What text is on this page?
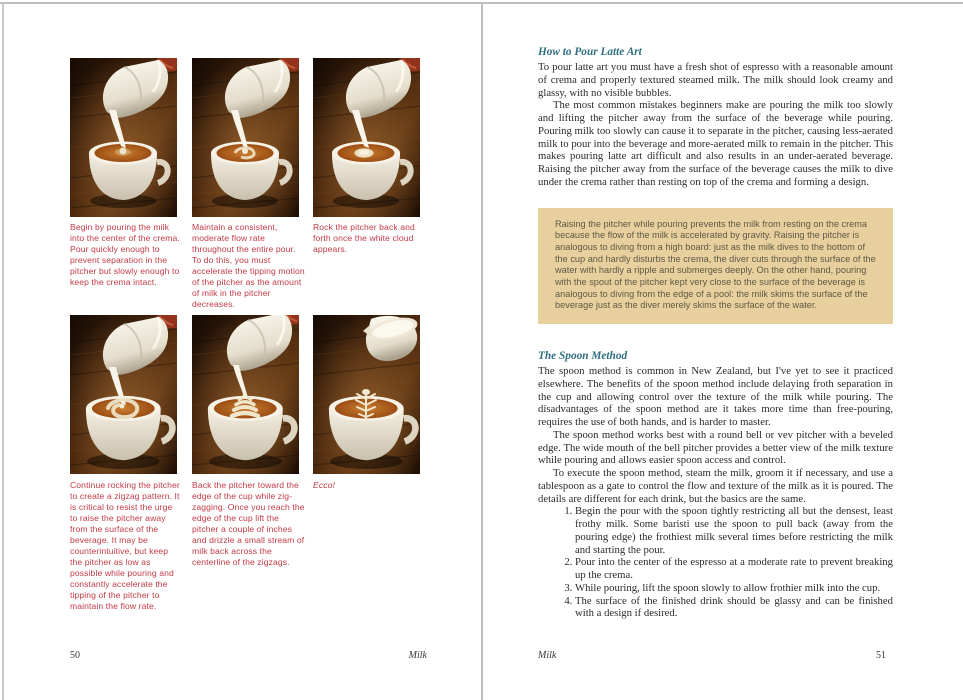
Begin by pouring the milk into the center of the crema. Pour quickly enough to prevent separation in the pitcher but slowly enough to keep the crema intact.
Maintain a consistent, moderate flow rate throughout the entire pour. To do this, you must accelerate the tipping motion of the pitcher as the amount of milk in the pitcher decreases.
Rock the pitcher back and forth once the white cloud appears.
Continue rocking the pitcher to create a zigzag pattern. It is critical to resist the urge to raise the pitcher away from the surface of the beverage. It may be counterintuitive, but keep the pitcher as low as possible while pouring and constantly accelerate the tipping of the pitcher to maintain the flow rate.
Back the pitcher toward the edge of the cup while zig-zagging. Once you reach the edge of the cup lift the pitcher a couple of inches and drizzle a small stream of milk back across the centerline of the zigzags.
Ecco!
50	Milk
How to Pour Latte Art

To pour latte art you must have a fresh shot of espresso with a reasonable amount of crema and properly textured steamed milk. The milk should look creamy and glassy, with no visible bubbles.

The most common mistakes beginners make are pouring the milk too slowly and lifting the pitcher away from the surface of the beverage while pouring. Pouring milk too slowly can cause it to separate in the pitcher, causing less-aerated milk to pour into the beverage and more-aerated milk to remain in the pitcher. This makes pouring latte art difficult and also results in an under-aerated beverage. Raising the pitcher away from the surface of the beverage causes the milk to dive under the crema rather than resting on top of the crema and forming a design.

Raising the pitcher while pouring prevents the milk from resting on the crema because the flow of the milk is accelerated by gravity. Raising the pitcher is analogous to diving from a high board: just as the milk dives to the bottom of the cup and hardly disturbs the crema, the diver cuts through the surface of the water with hardly a ripple and submerges deeply. On the other hand, pouring with the spout of the pitcher kept very close to the surface of the beverage is analogous to diving from the edge of a pool: the milk skims the surface of the beverage just as the diver merely skims the surface of the water.

The Spoon Method

The spoon method is common in New Zealand, but I've yet to see it practiced elsewhere. The benefits of the spoon method include delaying froth separation in the cup and allowing control over the texture of the milk while pouring. The disadvantages of the spoon method are it takes more time than free-pouring, requires the use of both hands, and is harder to master.

The spoon method works best with a round bell or vev pitcher with a beveled edge. The wide mouth of the bell pitcher provides a better view of the milk texture while pouring and allows easier spoon access and control.

To execute the spoon method, steam the milk, groom it if necessary, and use a tablespoon as a gate to control the flow and texture of the milk as it is poured. The details are different for each drink, but the basics are the same.

1. Begin the pour with the spoon tightly restricting all but the densest, least frothy milk. Some baristi use the spoon to pull back (away from the pouring edge) the frothiest milk several times before restricting the milk and starting the pour.
2. Pour into the center of the espresso at a moderate rate to prevent breaking up the crema.
3. While pouring, lift the spoon slowly to allow frothier milk into the cup.
4. The surface of the finished drink should be glassy and can be finished with a design if desired.
Milk	51
